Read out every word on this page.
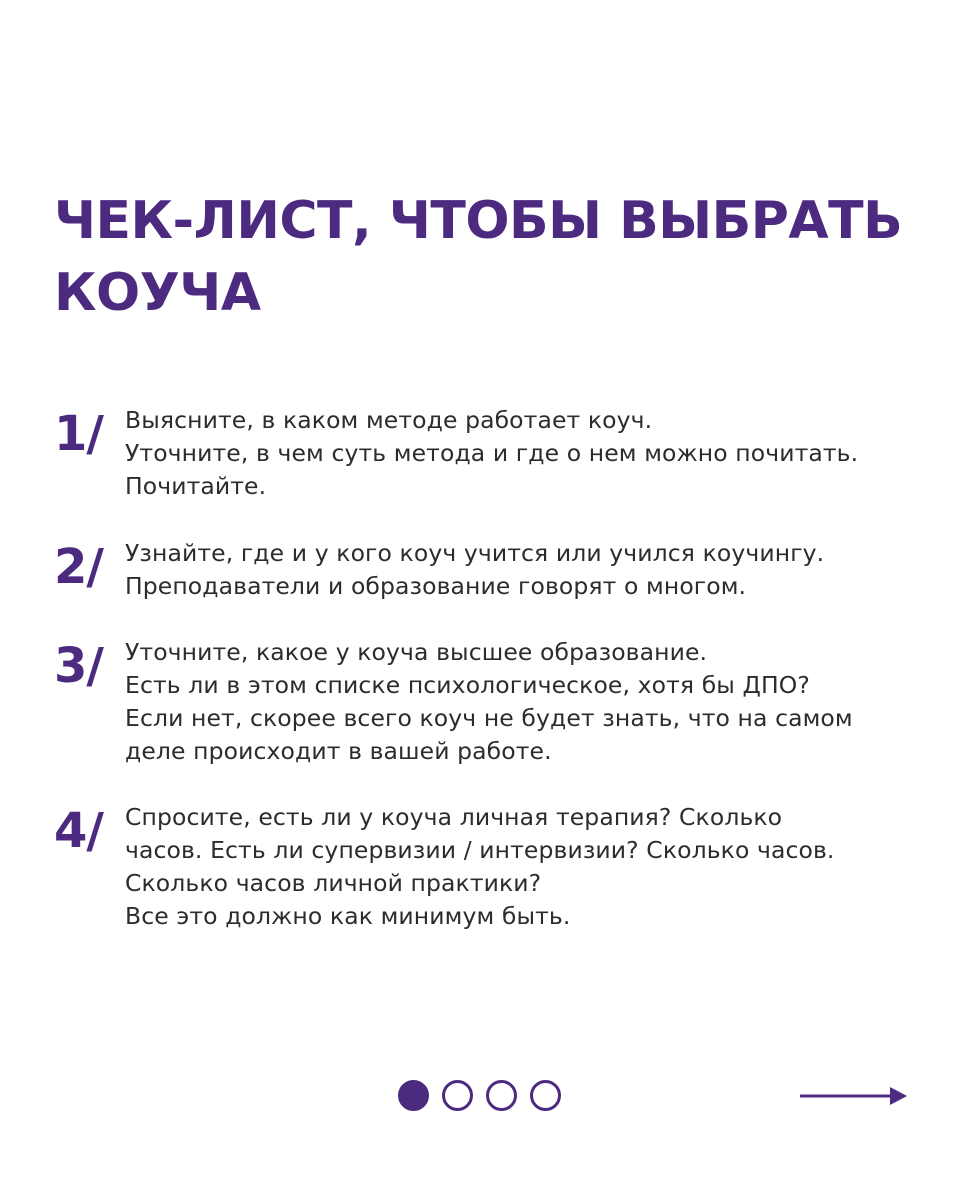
ЧЕК-ЛИСТ, ЧТОБЫ ВЫБРАТЬ
КОУЧА
1/ Выясните, в каком методе работает коуч.
Уточните, в чем суть метода и где о нем можно почитать.
Почитайте.
2/ Узнайте, где и у кого коуч учится или учился коучингу.
Преподаватели и образование говорят о многом.
3/ Уточните, какое у коуча высшее образование.
Есть ли в этом списке психологическое, хотя бы ДПО?
Если нет, скорее всего коуч не будет знать, что на самом
деле происходит в вашей работе.
4/ Спросите, есть ли у коуча личная терапия? Сколько
часов. Есть ли супервизии / интервизии? Сколько часов.
Сколько часов личной практики?
Все это должно как минимум быть.
